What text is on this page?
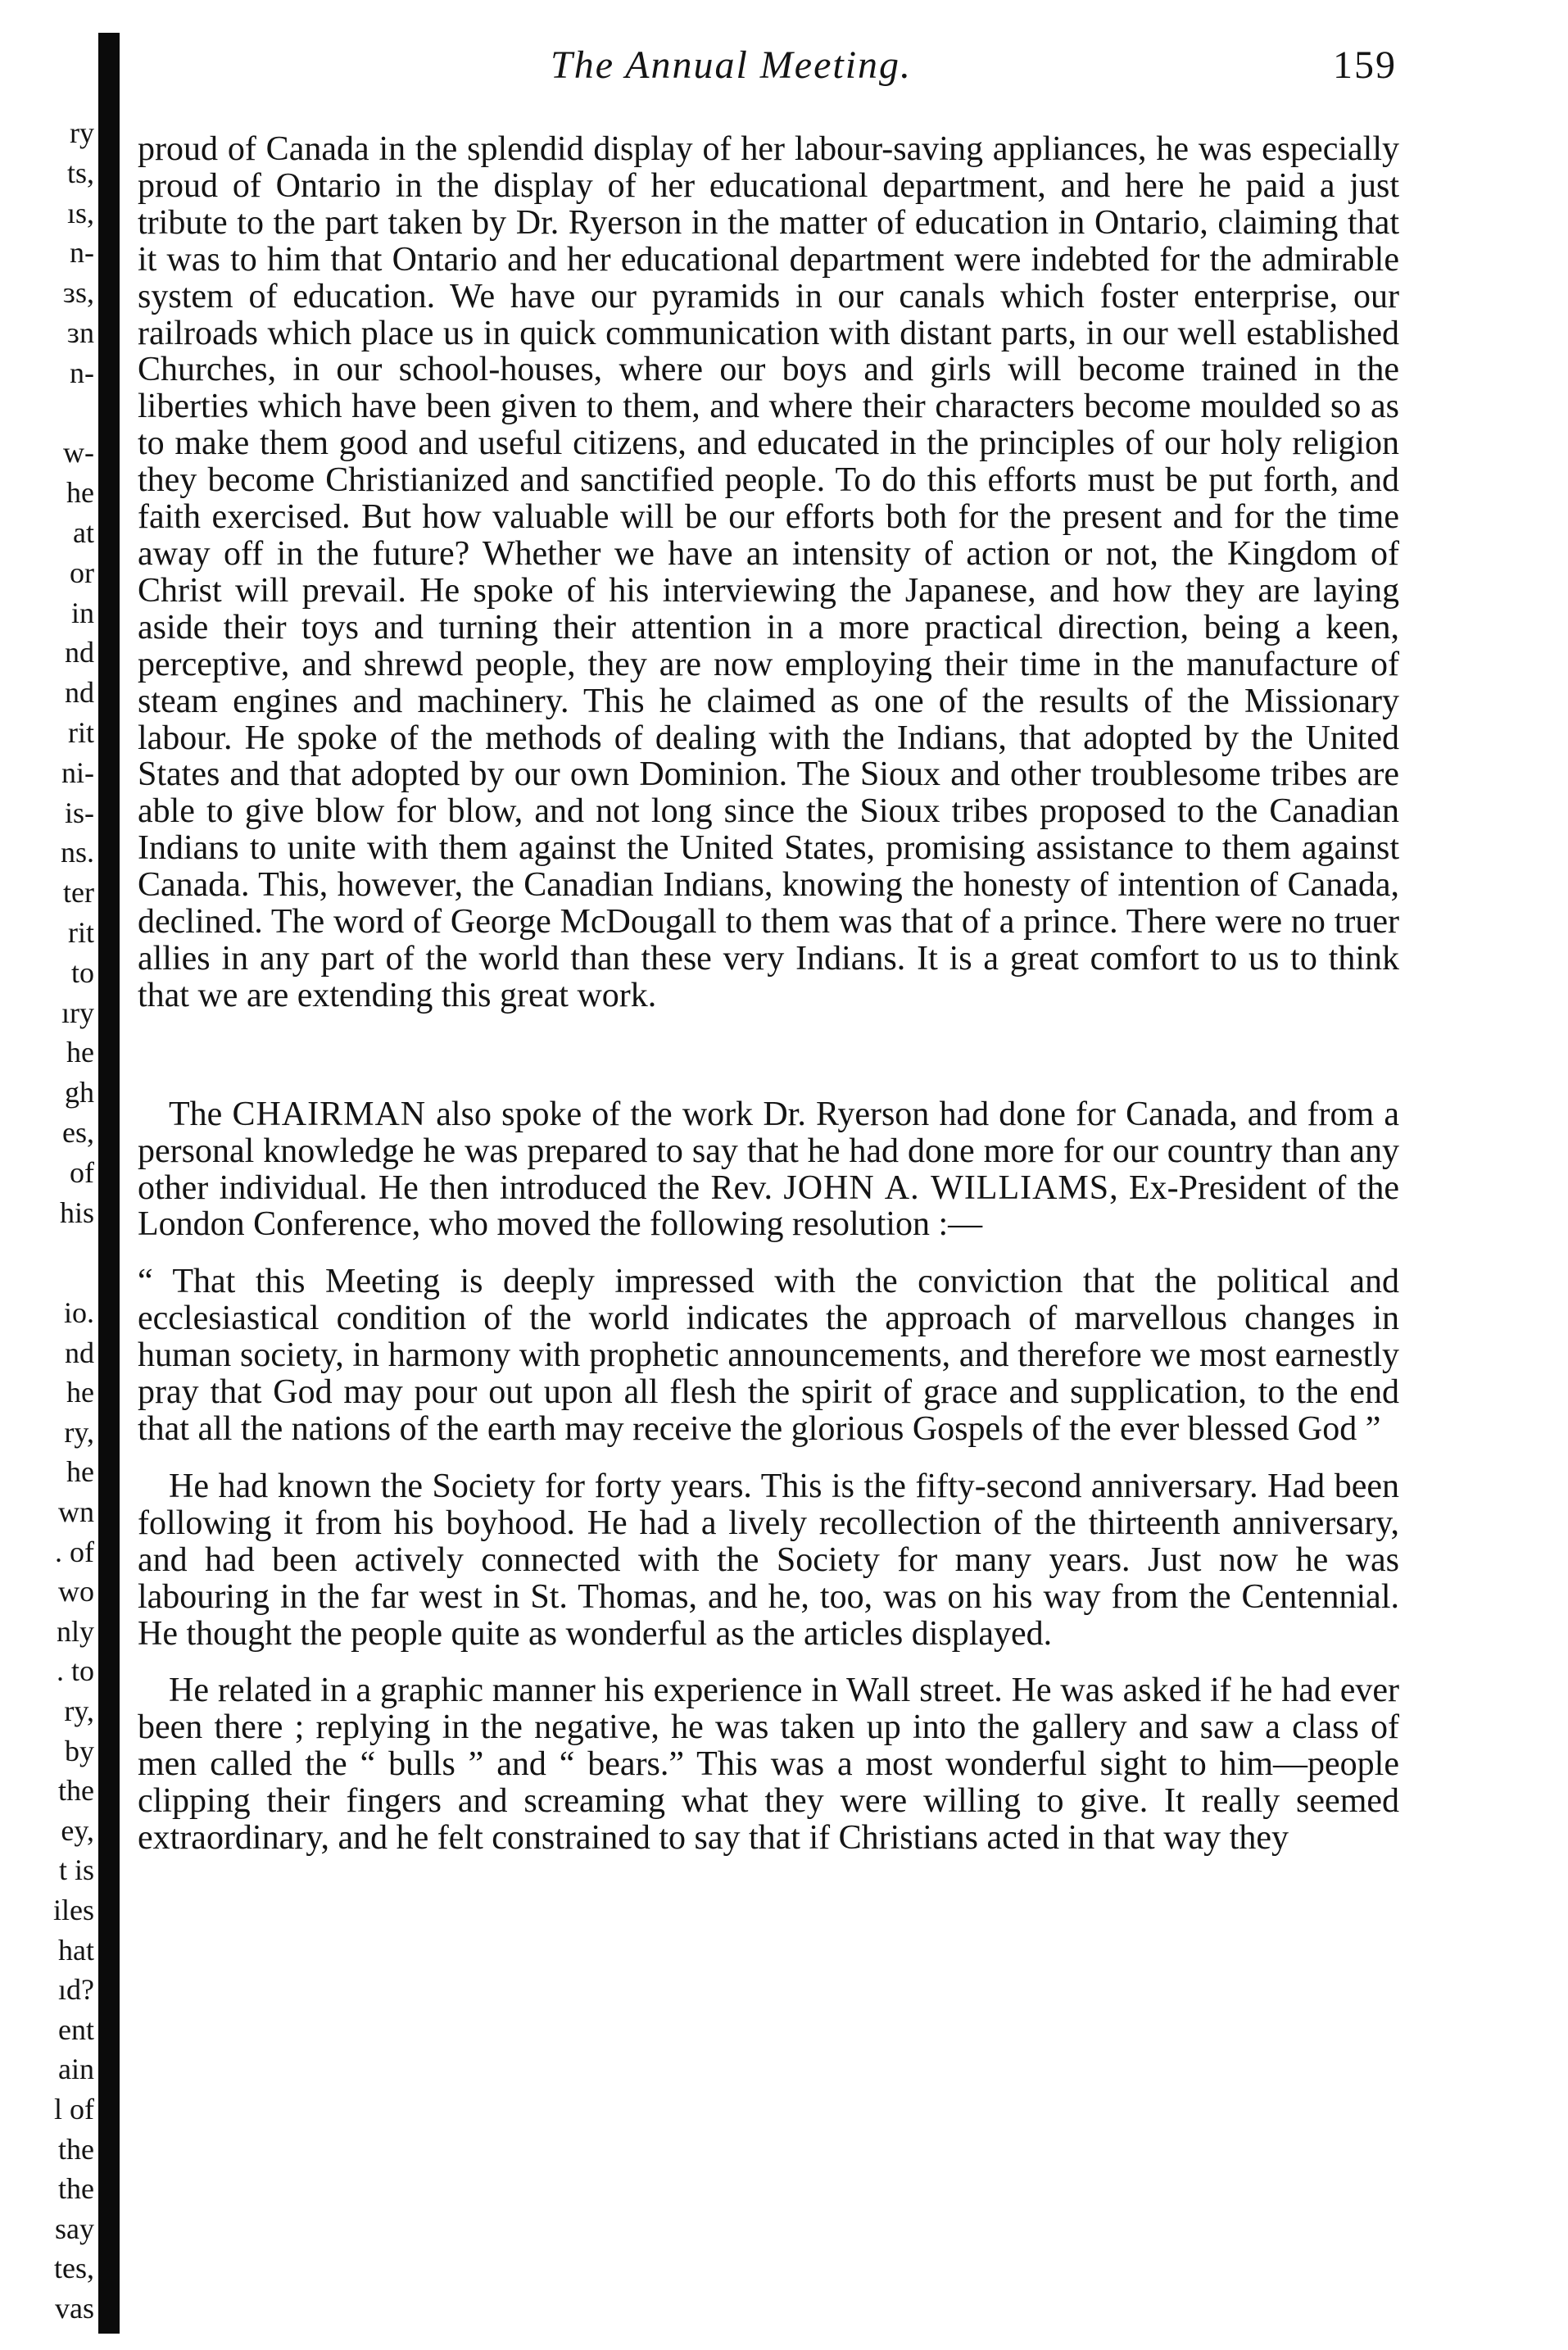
ry
ts,
ıs,
n-
ɜs,
ɜn
n-
w-
he
at
or
in
nd
nd
rit
ni-
is-
ns.
ter
rit
to
ıry
he
gh
es,
of
his
io.
nd
he
ry,
he
wn
. of
wo
nly
. to
ry,
by
the
ey,
t is
iles
hat
ıd?
ent
ain
l of
the
the
say
tes,
vas
The Annual Meeting.	159

proud of Canada in the splendid display of her labour-saving appliances, he was especially proud of Ontario in the display of her educational department, and here he paid a just tribute to the part taken by Dr. Ryerson in the matter of education in Ontario, claiming that it was to him that Ontario and her educational department were indebted for the admirable system of education. We have our pyramids in our canals which foster enterprise, our railroads which place us in quick communication with distant parts, in our well established Churches, in our school-houses, where our boys and girls will become trained in the liberties which have been given to them, and where their characters become moulded so as to make them good and useful citizens, and educated in the principles of our holy religion they become Christianized and sanctified people. To do this efforts must be put forth, and faith exercised. But how valuable will be our efforts both for the present and for the time away off in the future? Whether we have an intensity of action or not, the Kingdom of Christ will prevail. He spoke of his interviewing the Japanese, and how they are laying aside their toys and turning their attention in a more practical direction, being a keen, perceptive, and shrewd people, they are now employing their time in the manufacture of steam engines and machinery. This he claimed as one of the results of the Missionary labour. He spoke of the methods of dealing with the Indians, that adopted by the United States and that adopted by our own Dominion. The Sioux and other troublesome tribes are able to give blow for blow, and not long since the Sioux tribes proposed to the Canadian Indians to unite with them against the United States, promising assistance to them against Canada. This, however, the Canadian Indians, knowing the honesty of intention of Canada, declined. The word of George McDougall to them was that of a prince. There were no truer allies in any part of the world than these very Indians. It is a great comfort to us to think that we are extending this great work.

The CHAIRMAN also spoke of the work Dr. Ryerson had done for Canada, and from a personal knowledge he was prepared to say that he had done more for our country than any other individual. He then introduced the Rev. JOHN A. WILLIAMS, Ex-President of the London Conference, who moved the following resolution :—

“ That this Meeting is deeply impressed with the conviction that the political and ecclesiastical condition of the world indicates the approach of marvellous changes in human society, in harmony with prophetic announcements, and therefore we most earnestly pray that God may pour out upon all flesh the spirit of grace and supplication, to the end that all the nations of the earth may receive the glorious Gospels of the ever blessed God ”

He had known the Society for forty years. This is the fifty-second anniversary. Had been following it from his boyhood. He had a lively recollection of the thirteenth anniversary, and had been actively connected with the Society for many years. Just now he was labouring in the far west in St. Thomas, and he, too, was on his way from the Centennial. He thought the people quite as wonderful as the articles displayed.

He related in a graphic manner his experience in Wall street. He was asked if he had ever been there ; replying in the negative, he was taken up into the gallery and saw a class of men called the “ bulls ” and “ bears.” This was a most wonderful sight to him—people clipping their fingers and screaming what they were willing to give. It really seemed extraordinary, and he felt constrained to say that if Christians acted in that way they
